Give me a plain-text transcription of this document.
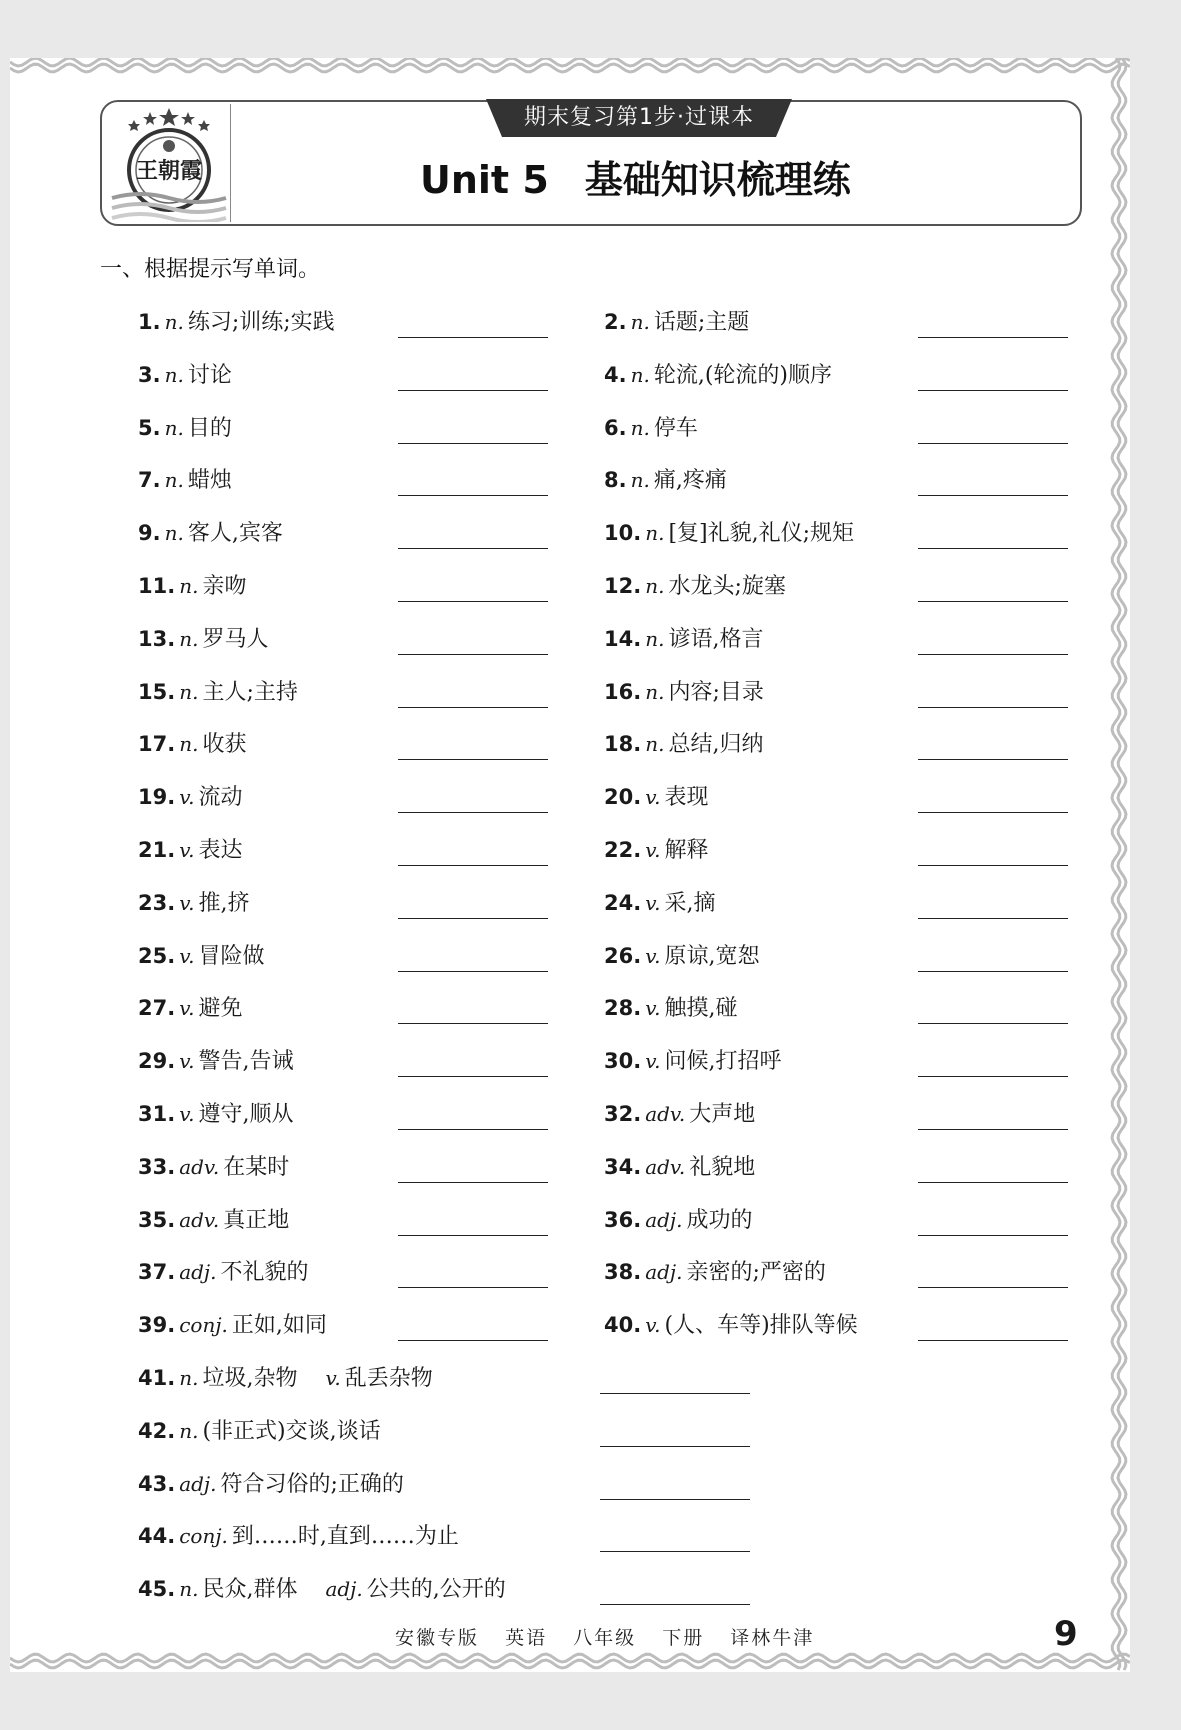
王朝霞
期末复习第1步·过课本
Unit 5 基础知识梳理练
一、根据提示写单词。
1. n. 练习;训练;实践	2. n. 话题;主题
3. n. 讨论	4. n. 轮流,(轮流的)顺序
5. n. 目的	6. n. 停车
7. n. 蜡烛	8. n. 痛,疼痛
9. n. 客人,宾客	10. n. [复]礼貌,礼仪;规矩
11. n. 亲吻	12. n. 水龙头;旋塞
13. n. 罗马人	14. n. 谚语,格言
15. n. 主人;主持	16. n. 内容;目录
17. n. 收获	18. n. 总结,归纳
19. v. 流动	20. v. 表现
21. v. 表达	22. v. 解释
23. v. 推,挤	24. v. 采,摘
25. v. 冒险做	26. v. 原谅,宽恕
27. v. 避免	28. v. 触摸,碰
29. v. 警告,告诫	30. v. 问候,打招呼
31. v. 遵守,顺从	32. adv. 大声地
33. adv. 在某时	34. adv. 礼貌地
35. adv. 真正地	36. adj. 成功的
37. adj. 不礼貌的	38. adj. 亲密的;严密的
39. conj. 正如,如同	40. v. (人、车等)排队等候
41. n. 垃圾,杂物 v. 乱丢杂物
42. n. (非正式)交谈,谈话
43. adj. 符合习俗的;正确的
44. conj. 到……时,直到……为止
45. n. 民众,群体 adj. 公共的,公开的
安徽专版 英语 八年级 下册 译林牛津	9
